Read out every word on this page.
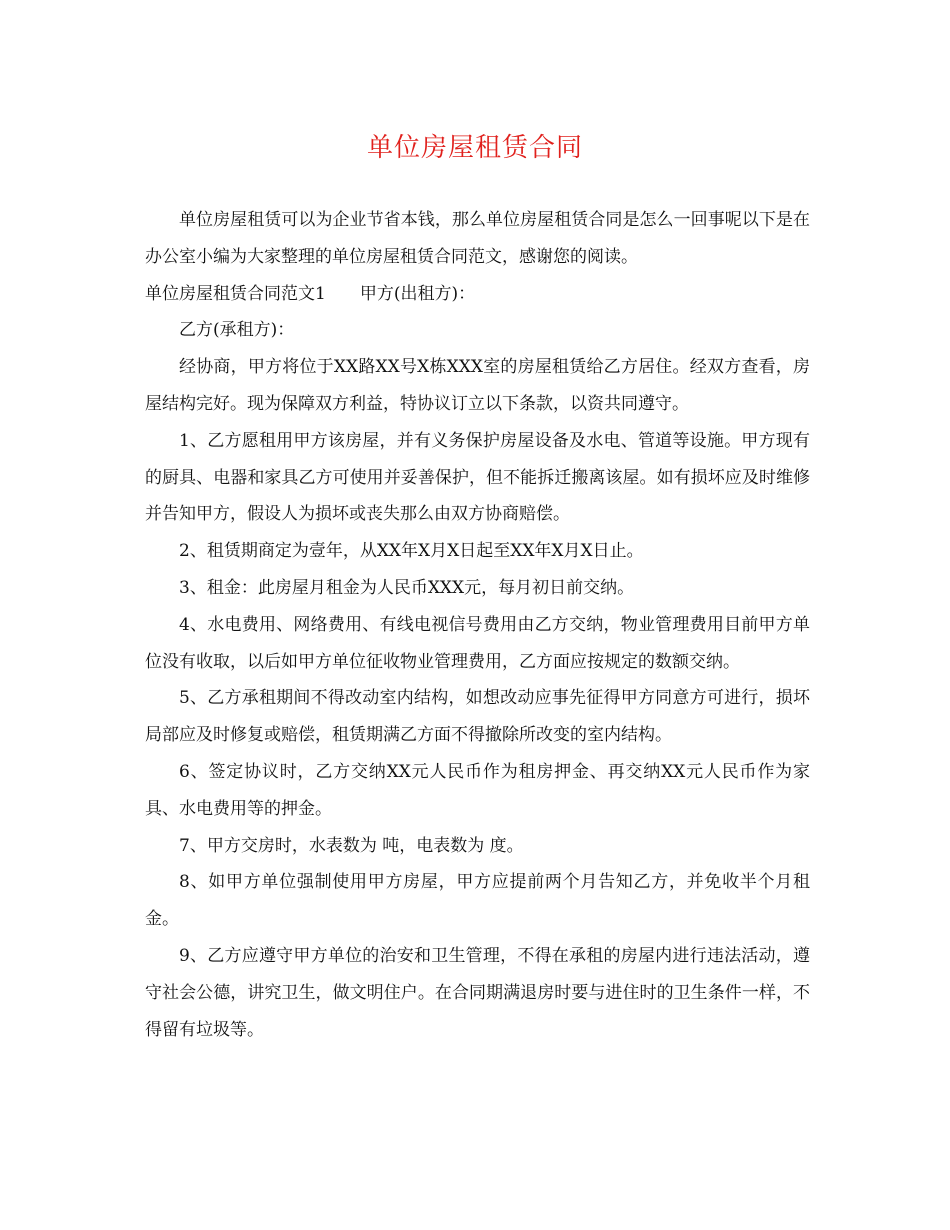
单位房屋租赁合同

单位房屋租赁可以为企业节省本钱，那么单位房屋租赁合同是怎么一回事呢以下是在办公室小编为大家整理的单位房屋租赁合同范文，感谢您的阅读。

单位房屋租赁合同范文1 甲方(出租方)：

乙方(承租方)：

经协商，甲方将位于XX路XX号X栋XXX室的房屋租赁给乙方居住。经双方查看，房屋结构完好。现为保障双方利益，特协议订立以下条款，以资共同遵守。

1、乙方愿租用甲方该房屋，并有义务保护房屋设备及水电、管道等设施。甲方现有的厨具、电器和家具乙方可使用并妥善保护，但不能拆迁搬离该屋。如有损坏应及时维修并告知甲方，假设人为损坏或丧失那么由双方协商赔偿。

2、租赁期商定为壹年，从XX年X月X日起至XX年X月X日止。

3、租金：此房屋月租金为人民币XXX元，每月初日前交纳。

4、水电费用、网络费用、有线电视信号费用由乙方交纳，物业管理费用目前甲方单位没有收取，以后如甲方单位征收物业管理费用，乙方面应按规定的数额交纳。

5、乙方承租期间不得改动室内结构，如想改动应事先征得甲方同意方可进行，损坏局部应及时修复或赔偿，租赁期满乙方面不得撤除所改变的室内结构。

6、签定协议时，乙方交纳XX元人民币作为租房押金、再交纳XX元人民币作为家具、水电费用等的押金。

7、甲方交房时，水表数为 吨，电表数为 度。

8、如甲方单位强制使用甲方房屋，甲方应提前两个月告知乙方，并免收半个月租金。

9、乙方应遵守甲方单位的治安和卫生管理，不得在承租的房屋内进行违法活动，遵守社会公德，讲究卫生，做文明住户。在合同期满退房时要与进住时的卫生条件一样，不得留有垃圾等。
